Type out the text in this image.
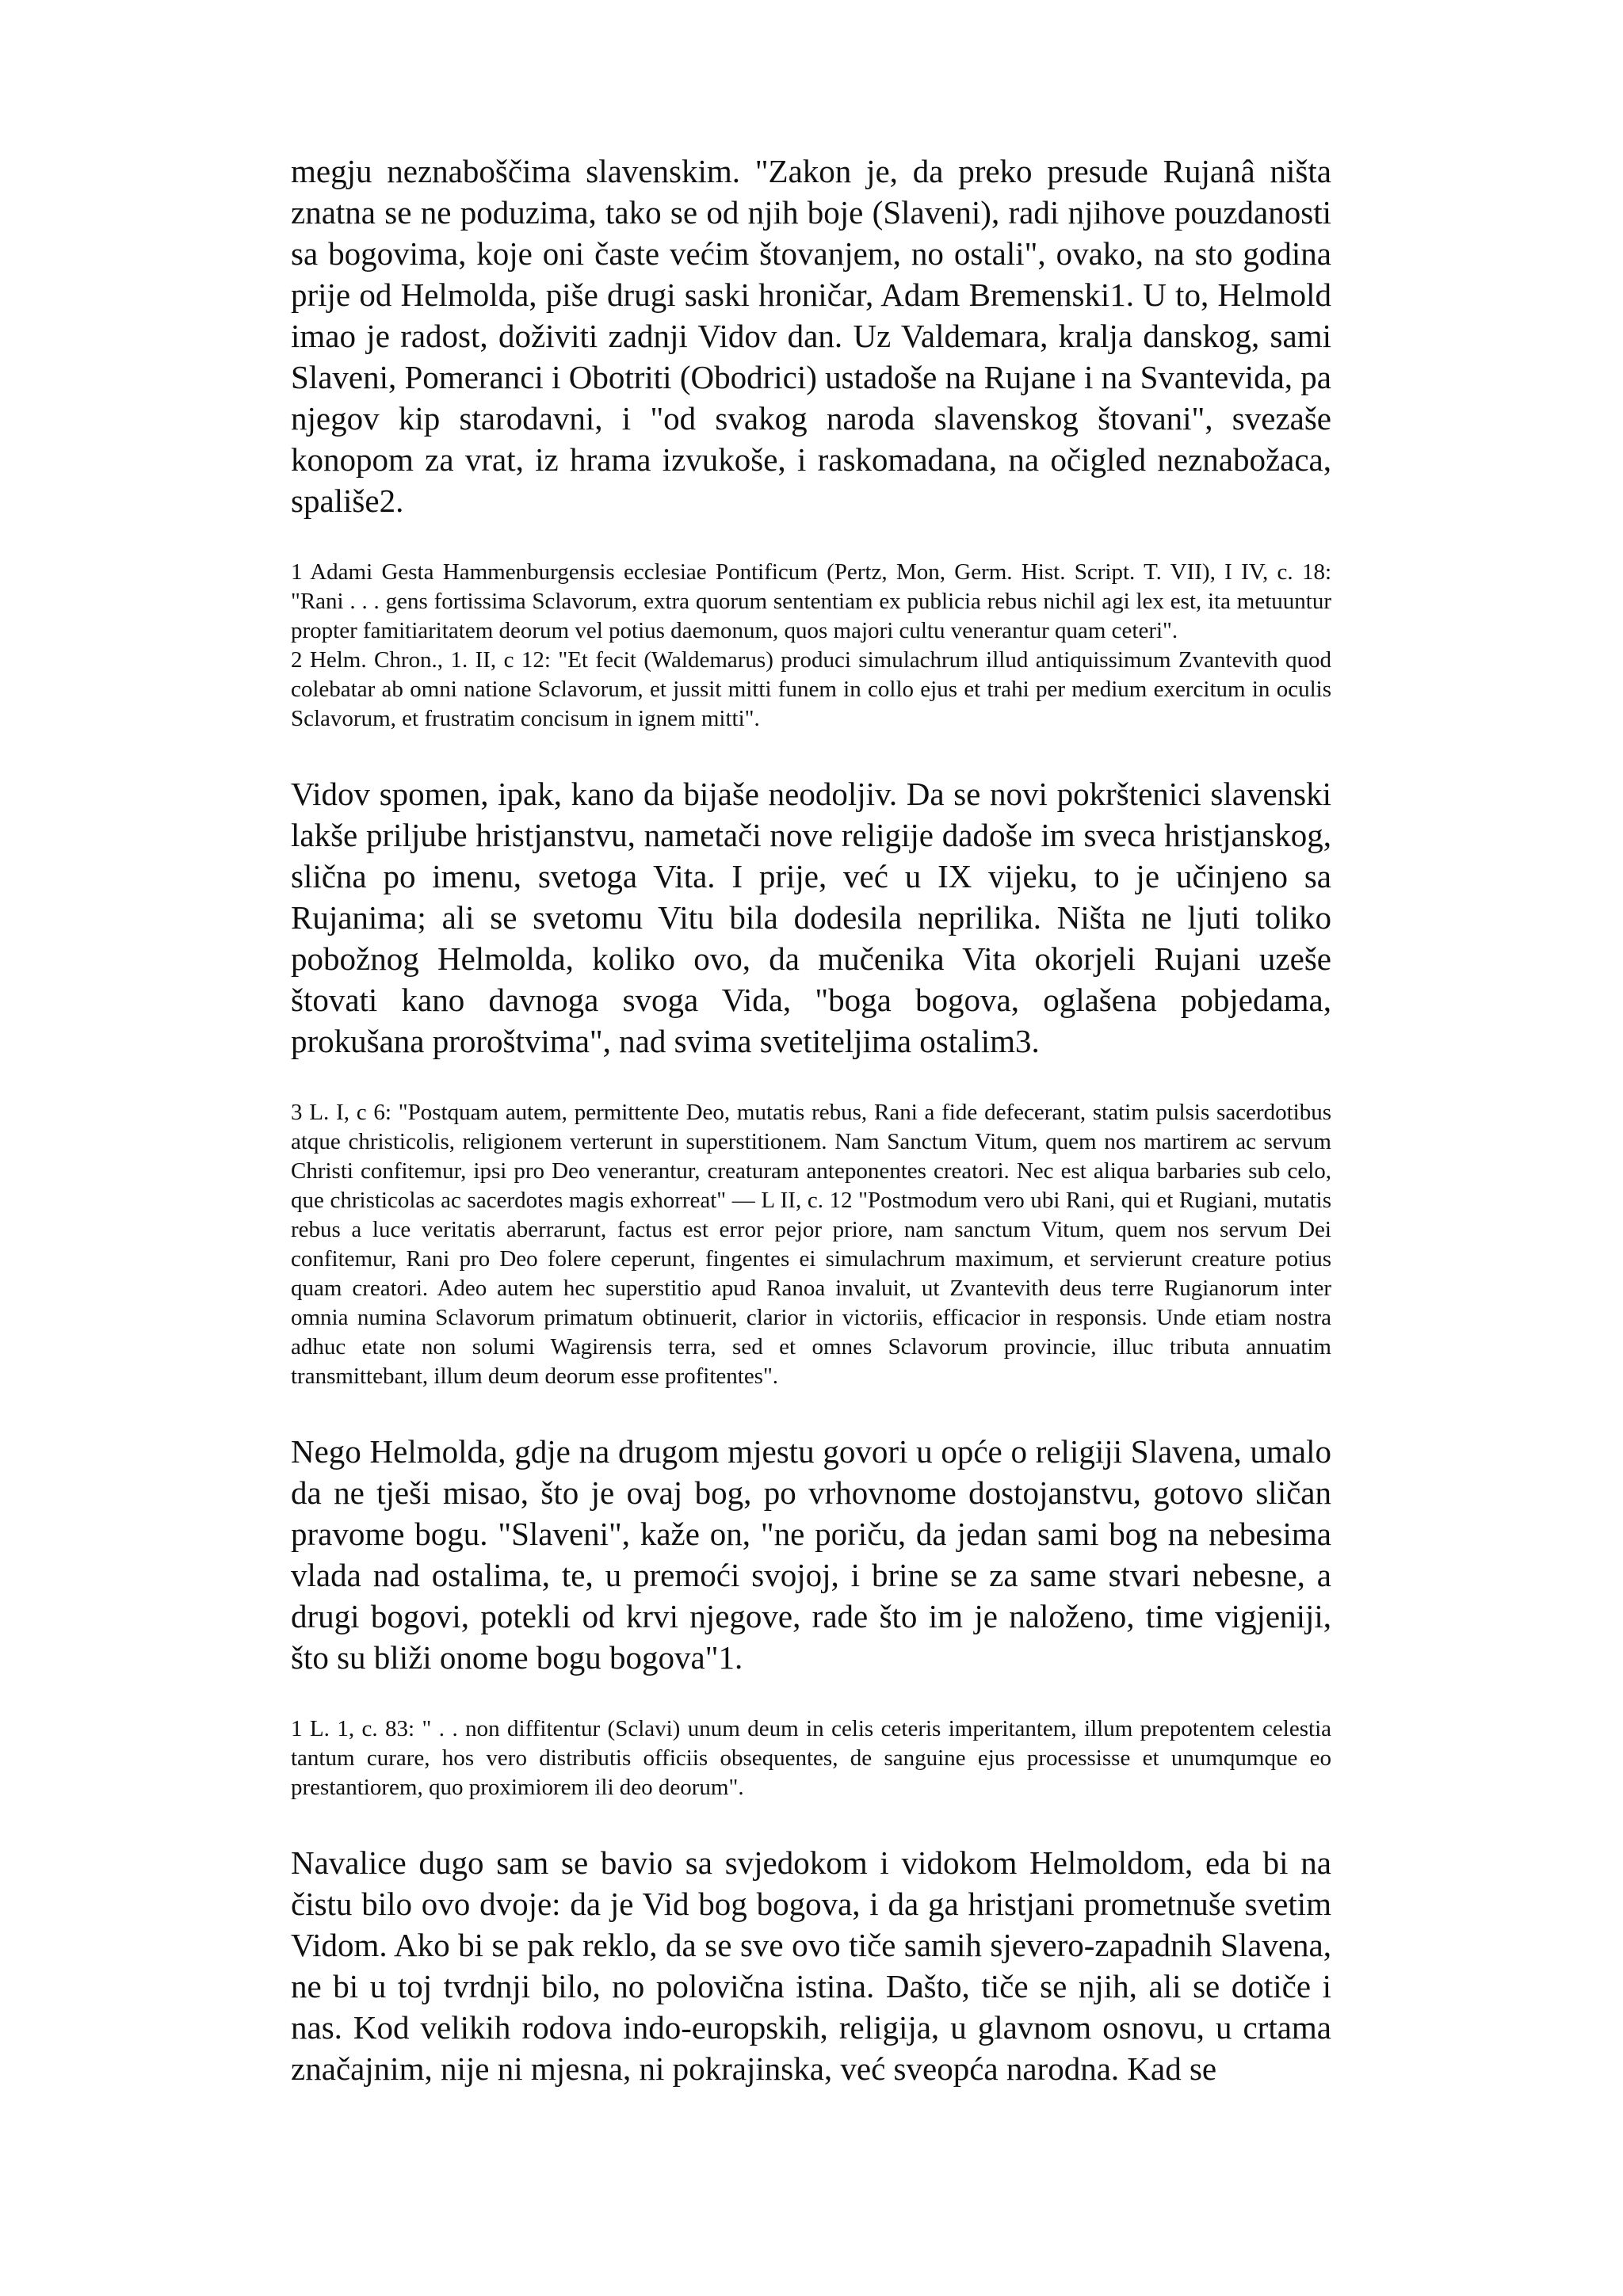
megju neznaboščima slavenskim. "Zakon je, da preko presude Rujanâ ništa znatna se ne poduzima, tako se od njih boje (Slaveni), radi njihove pouzdanosti sa bogovima, koje oni časte većim štovanjem, no ostali", ovako, na sto godina prije od Helmolda, piše drugi saski hroničar, Adam Bremenski1. U to, Helmold imao je radost, doživiti zadnji Vidov dan. Uz Valdemara, kralja danskog, sami Slaveni, Pomeranci i Obotriti (Obodrici) ustadoše na Rujane i na Svantevida, pa njegov kip starodavni, i "od svakog naroda slavenskog štovani", svezaše konopom za vrat, iz hrama izvukoše, i raskomadana, na očigled neznabožaca, spališe2.

1 Adami Gesta Hammenburgensis ecclesiae Pontificum (Pertz, Mon, Germ. Hist. Script. T. VII), I IV, c. 18: "Rani . . . gens fortissima Sclavorum, extra quorum sententiam ex publicia rebus nichil agi lex est, ita metuuntur propter famitiaritatem deorum vel potius daemonum, quos majori cultu venerantur quam ceteri".

2 Helm. Chron., 1. II, c 12: "Et fecit (Waldemarus) produci simulachrum illud antiquissimum Zvantevith quod colebatar ab omni natione Sclavorum, et jussit mitti funem in collo ejus et trahi per medium exercitum in oculis Sclavorum, et frustratim concisum in ignem mitti".

Vidov spomen, ipak, kano da bijaše neodoljiv. Da se novi pokrštenici slavenski lakše priljube hristjanstvu, nametači nove religije dadoše im sveca hristjanskog, slična po imenu, svetoga Vita. I prije, već u IX vijeku, to je učinjeno sa Rujanima; ali se svetomu Vitu bila dodesila neprilika. Ništa ne ljuti toliko pobožnog Helmolda, koliko ovo, da mučenika Vita okorjeli Rujani uzeše štovati kano davnoga svoga Vida, "boga bogova, oglašena pobjedama, prokušana proroštvima", nad svima svetiteljima ostalim3.

3 L. I, c 6: "Postquam autem, permittente Deo, mutatis rebus, Rani a fide defecerant, statim pulsis sacerdotibus atque christicolis, religionem verterunt in superstitionem. Nam Sanctum Vitum, quem nos martirem ac servum Christi confitemur, ipsi pro Deo venerantur, creaturam anteponentes creatori. Nec est aliqua barbaries sub celo, que christicolas ac sacerdotes magis exhorreat" — L II, c. 12 "Postmodum vero ubi Rani, qui et Rugiani, mutatis rebus a luce veritatis aberrarunt, factus est error pejor priore, nam sanctum Vitum, quem nos servum Dei confitemur, Rani pro Deo folere ceperunt, fingentes ei simulachrum maximum, et servierunt creature potius quam creatori. Adeo autem hec superstitio apud Ranoa invaluit, ut Zvantevith deus terre Rugianorum inter omnia numina Sclavorum primatum obtinuerit, clarior in victoriis, efficacior in responsis. Unde etiam nostra adhuc etate non solumi Wagirensis terra, sed et omnes Sclavorum provincie, illuc tributa annuatim transmittebant, illum deum deorum esse profitentes".

Nego Helmolda, gdje na drugom mjestu govori u opće o religiji Slavena, umalo da ne tješi misao, što je ovaj bog, po vrhovnome dostojanstvu, gotovo sličan pravome bogu. "Slaveni", kaže on, "ne poriču, da jedan sami bog na nebesima vlada nad ostalima, te, u premoći svojoj, i brine se za same stvari nebesne, a drugi bogovi, potekli od krvi njegove, rade što im je naloženo, time vigjeniji, što su bliži onome bogu bogova"1.

1 L. 1, c. 83: " . . non diffitentur (Sclavi) unum deum in celis ceteris imperitantem, illum prepotentem celestia tantum curare, hos vero distributis officiis obsequentes, de sanguine ejus processisse et unumqumque eo prestantiorem, quo proximiorem ili deo deorum".

Navalice dugo sam se bavio sa svjedokom i vidokom Helmoldom, eda bi na čistu bilo ovo dvoje: da je Vid bog bogova, i da ga hristjani prometnuše svetim Vidom. Ako bi se pak reklo, da se sve ovo tiče samih sjevero-zapadnih Slavena, ne bi u toj tvrdnji bilo, no polovična istina. Dašto, tiče se njih, ali se dotiče i nas. Kod velikih rodova indo-europskih, religija, u glavnom osnovu, u crtama značajnim, nije ni mjesna, ni pokrajinska, već sveopća narodna. Kad se
